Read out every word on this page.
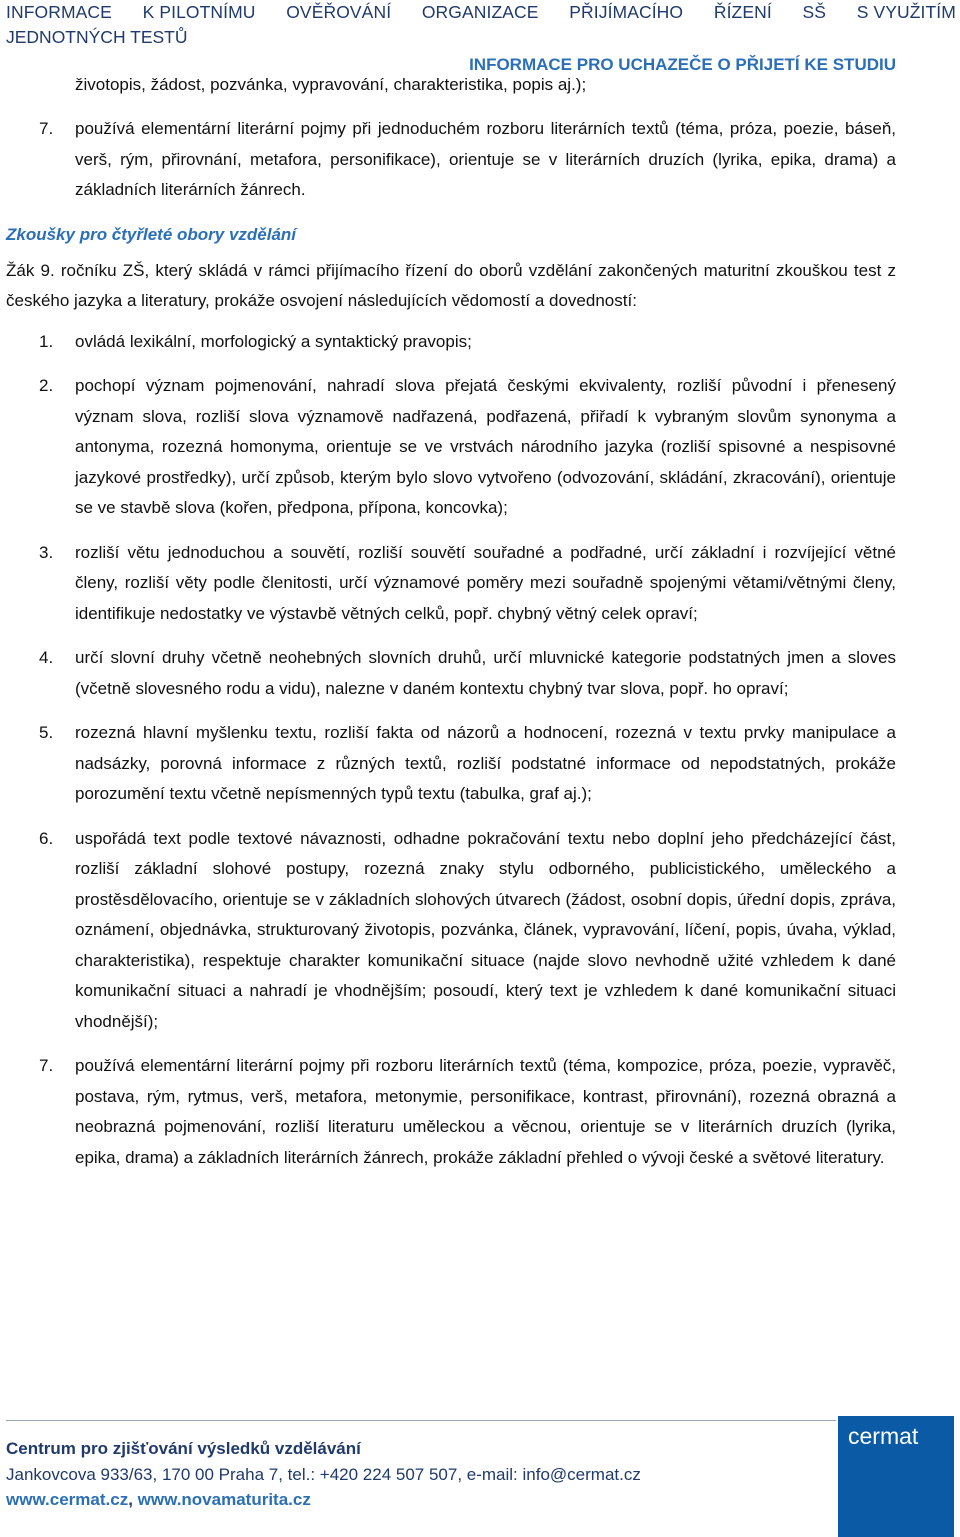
INFORMACE K PILOTNÍMU OVĚŘOVÁNÍ ORGANIZACE PŘIJÍMACÍHO ŘÍZENÍ SŠ S VYUŽITÍM
JEDNOTNÝCH TESTŮ
INFORMACE PRO UCHAZEČE O PŘIJETÍ KE STUDIU
životopis, žádost, pozvánka, vypravování, charakteristika, popis aj.);
7.	používá elementární literární pojmy při jednoduchém rozboru literárních textů (téma, próza, poezie, báseň, verš, rým, přirovnání, metafora, personifikace), orientuje se v literárních druzích (lyrika, epika, drama) a základních literárních žánrech.
Zkoušky pro čtyřleté obory vzdělání
Žák 9. ročníku ZŠ, který skládá v rámci přijímacího řízení do oborů vzdělání zakončených maturitní zkouškou test z českého jazyka a literatury, prokáže osvojení následujících vědomostí a dovedností:
1.	ovládá lexikální, morfologický a syntaktický pravopis;
2.	pochopí význam pojmenování, nahradí slova přejatá českými ekvivalenty, rozliší původní i přenesený význam slova, rozliší slova významově nadřazená, podřazená, přiřadí k vybraným slovům synonyma a antonyma, rozezná homonyma, orientuje se ve vrstvách národního jazyka (rozliší spisovné a nespisovné jazykové prostředky), určí způsob, kterým bylo slovo vytvořeno (odvozování, skládání, zkracování), orientuje se ve stavbě slova (kořen, předpona, přípona, koncovka);
3.	rozliší větu jednoduchou a souvětí, rozliší souvětí souřadné a podřadné, určí základní i rozvíjející větné členy, rozliší věty podle členitosti, určí významové poměry mezi souřadně spojenými větami/větnými členy, identifikuje nedostatky ve výstavbě větných celků, popř. chybný větný celek opraví;
4.	určí slovní druhy včetně neohebných slovních druhů, určí mluvnické kategorie podstatných jmen a sloves (včetně slovesného rodu a vidu), nalezne v daném kontextu chybný tvar slova, popř. ho opraví;
5.	rozezná hlavní myšlenku textu, rozliší fakta od názorů a hodnocení, rozezná v textu prvky manipulace a nadsázky, porovná informace z různých textů, rozliší podstatné informace od nepodstatných, prokáže porozumění textu včetně nepísmenných typů textu (tabulka, graf aj.);
6.	uspořádá text podle textové návaznosti, odhadne pokračování textu nebo doplní jeho předcházející část, rozliší základní slohové postupy, rozezná znaky stylu odborného, publicistického, uměleckého a prostěsdělovacího, orientuje se v základních slohových útvarech (žádost, osobní dopis, úřední dopis, zpráva, oznámení, objednávka, strukturovaný životopis, pozvánka, článek, vypravování, líčení, popis, úvaha, výklad, charakteristika), respektuje charakter komunikační situace (najde slovo nevhodně užité vzhledem k dané komunikační situaci a nahradí je vhodnějším; posoudí, který text je vzhledem k dané komunikační situaci vhodnější);
7.	používá elementární literární pojmy při rozboru literárních textů (téma, kompozice, próza, poezie, vypravěč, postava, rým, rytmus, verš, metafora, metonymie, personifikace, kontrast, přirovnání), rozezná obrazná a neobrazná pojmenování, rozliší literaturu uměleckou a věcnou, orientuje se v literárních druzích (lyrika, epika, drama) a základních literárních žánrech, prokáže základní přehled o vývoji české a světové literatury.
Centrum pro zjišťování výsledků vzdělávání
Jankovcova 933/63, 170 00 Praha 7, tel.: +420 224 507 507, e-mail: info@cermat.cz
www.cermat.cz, www.novamaturita.cz
cermat
